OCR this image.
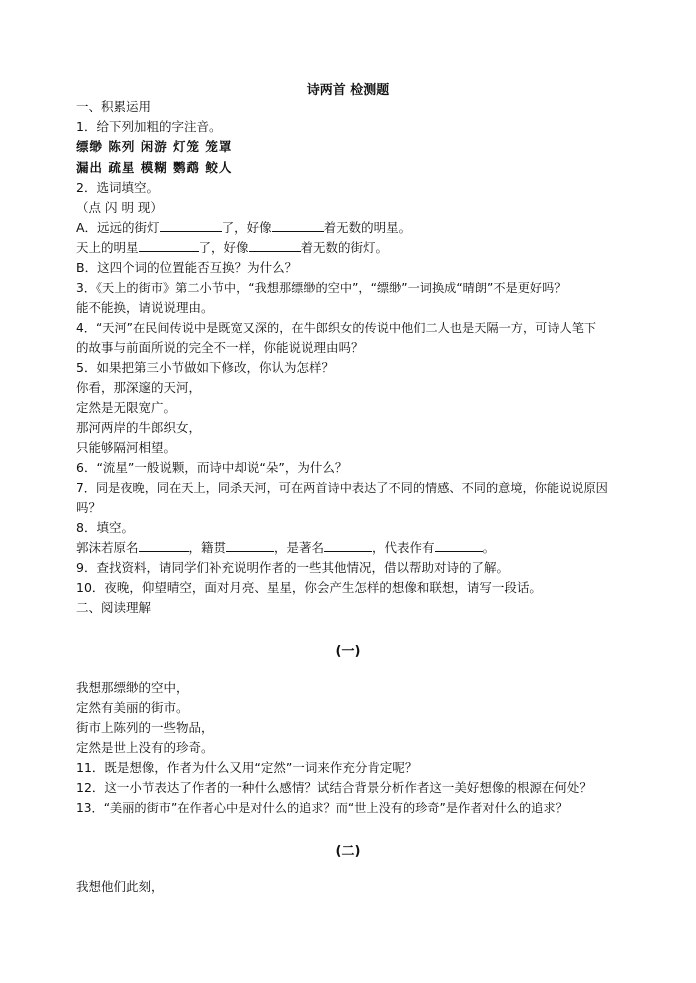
诗两首 检测题
一、积累运用
1．给下列加粗的字注音。
缥缈 陈列 闲游 灯笼 笼罩
漏出 疏星 模糊 鹦鹉 鲛人
2．选词填空。
（点 闪 明 现）
A．远远的街灯	了，好像	着无数的明星。
天上的明星	了，好像	着无数的街灯。
B．这四个词的位置能否互换？为什么？
3．《天上的街市》第二小节中，“我想那缥缈的空中”，“缥缈”一词换成“晴朗”不是更好吗？
能不能换，请说说理由。
4．“天河”在民间传说中是既宽又深的，在牛郎织女的传说中他们二人也是天隔一方，可诗人笔下
的故事与前面所说的完全不一样，你能说说理由吗？
5．如果把第三小节做如下修改，你认为怎样？
你看，那深邃的天河，
定然是无限宽广。
那河两岸的牛郎织女，
只能够隔河相望。
6．“流星”一般说颗，而诗中却说“朵”，为什么？
7．同是夜晚，同在天上，同杀天河，可在两首诗中表达了不同的情感、不同的意境，你能说说原因
吗？
8．填空。
郭沫若原名	，籍贯	，是著名	，代表作有	。
9．查找资料，请同学们补充说明作者的一些其他情况，借以帮助对诗的了解。
10．夜晚，仰望晴空，面对月亮、星星，你会产生怎样的想像和联想，请写一段话。
二、阅读理解
(一)
我想那缥缈的空中，
定然有美丽的街市。
街市上陈列的一些物品，
定然是世上没有的珍奇。
11．既是想像，作者为什么又用“定然”一词来作充分肯定呢？
12．这一小节表达了作者的一种什么感情？试结合背景分析作者这一美好想像的根源在何处？
13．“美丽的街市”在作者心中是对什么的追求？而“世上没有的珍奇”是作者对什么的追求？
(二)
我想他们此刻，
